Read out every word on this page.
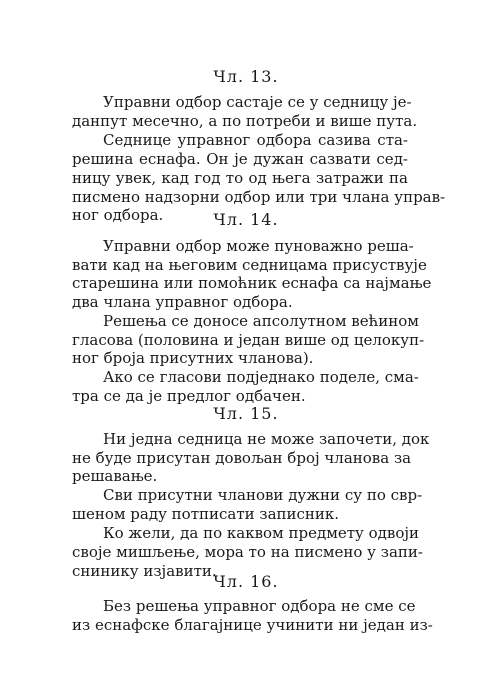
Чл. 13.
Управни одбор састаје се у седницу је-
данпут месечно, а по потреби и више пута.
Седнице управног одбора сазива ста-
решина еснафа. Он је дужан сазвати сед-
ницу увек, кад год то од њега затражи па
писмено надзорни одбор или три члана управ-
ног одбора.	Чл. 14.
Управни одбор може пуноважно реша-
вати кад на његовим седницама присуствује
старешина или помоћник еснафа са најмање
два члана управног одбора.
Решења се доносе апсолутном већином
гласова (половина и један више од целокуп-
ног броја присутних чланова).
Ако се гласови подједнако поделе, сма-
тра се да је предлог одбачен.
Чл. 15.
Ни једна седница не може започети, док
не буде присутан довољан број чланова за
решавање.
Сви присутни чланови дужни су по свр-
шеном раду потписати записник.
Ко жели, да по каквом предмету одвоји
своје мишљење, мора то на писмено у запи-
снинику изјавити.
Чл. 16.
Без решења управног одбора не сме се
из еснафске благајнице учинити ни један из-
